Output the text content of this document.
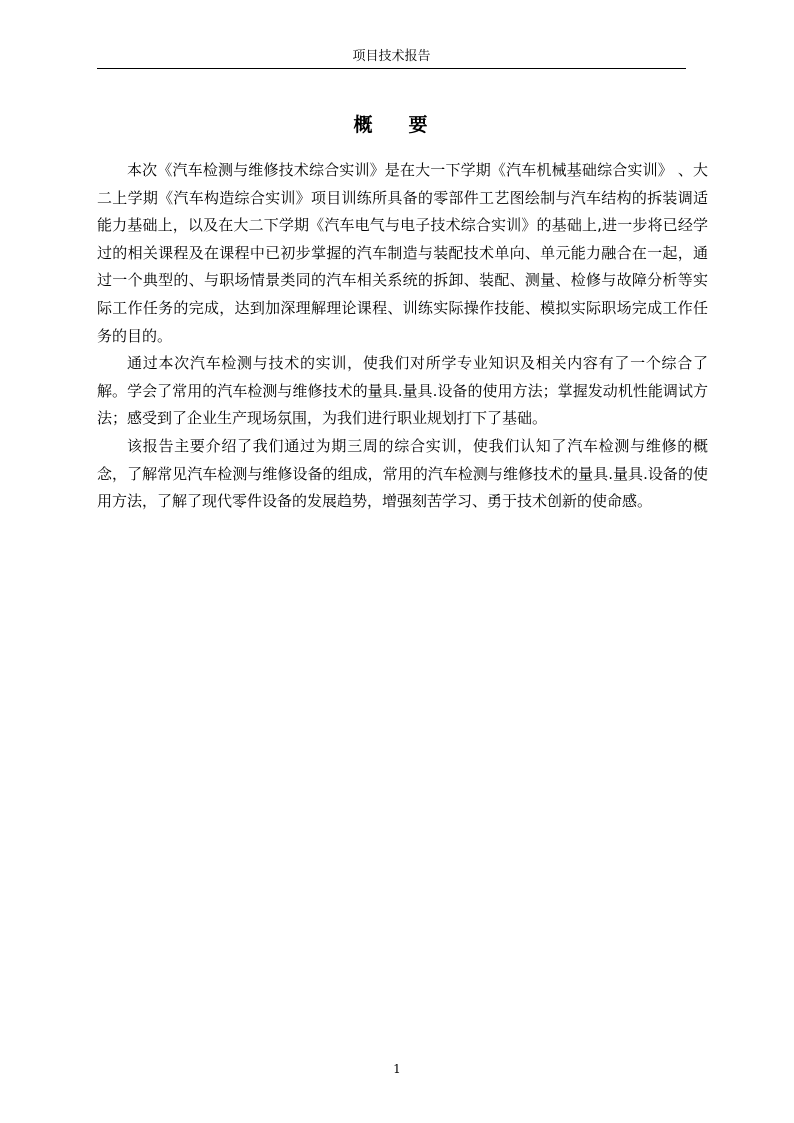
项目技术报告
概 要

本次《汽车检测与维修技术综合实训》是在大一下学期《汽车机械基础综合实训》 、大二上学期《汽车构造综合实训》项目训练所具备的零部件工艺图绘制与汽车结构的拆装调适能力基础上，以及在大二下学期《汽车电气与电子技术综合实训》的基础上,进一步将已经学过的相关课程及在课程中已初步掌握的汽车制造与装配技术单向、单元能力融合在一起，通过一个典型的、与职场情景类同的汽车相关系统的拆卸、装配、测量、检修与故障分析等实际工作任务的完成，达到加深理解理论课程、训练实际操作技能、模拟实际职场完成工作任务的目的。

通过本次汽车检测与技术的实训，使我们对所学专业知识及相关内容有了一个综合了解。学会了常用的汽车检测与维修技术的量具.量具.设备的使用方法；掌握发动机性能调试方法；感受到了企业生产现场氛围，为我们进行职业规划打下了基础。

该报告主要介绍了我们通过为期三周的综合实训，使我们认知了汽车检测与维修的概念，了解常见汽车检测与维修设备的组成，常用的汽车检测与维修技术的量具.量具.设备的使用方法，了解了现代零件设备的发展趋势，增强刻苦学习、勇于技术创新的使命感。

1
